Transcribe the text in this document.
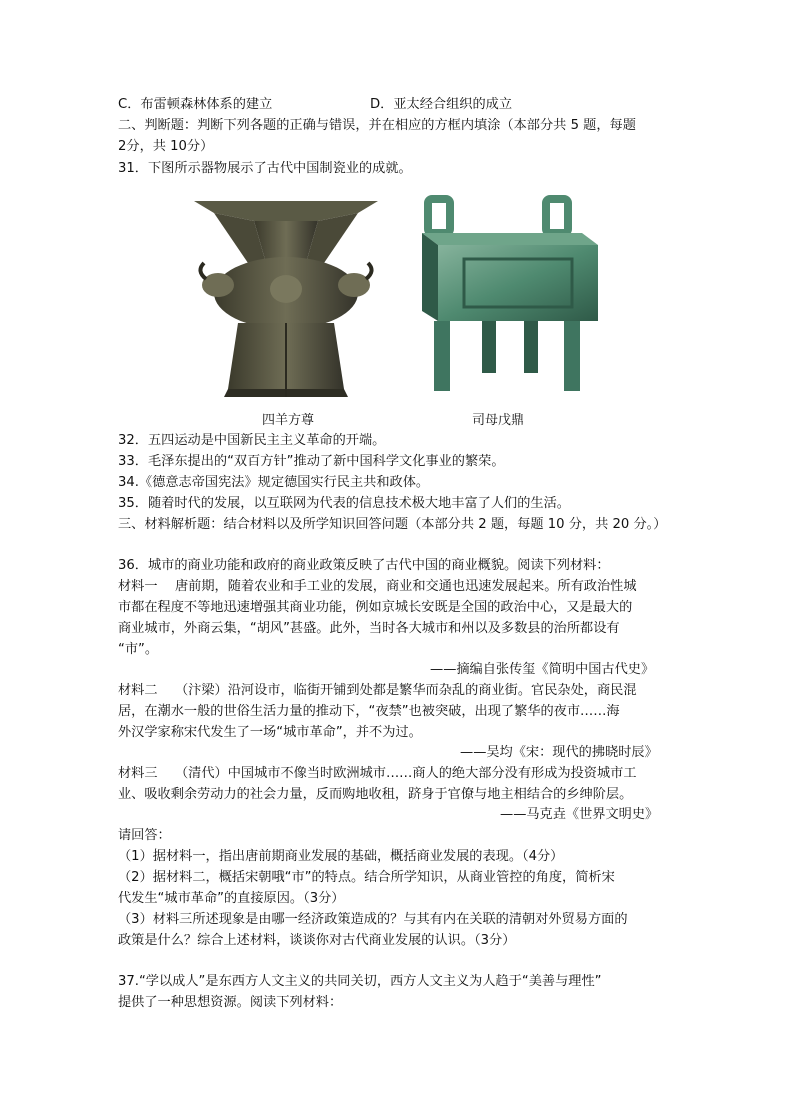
C．布雷顿森林体系的建立	D．亚太经合组织的成立
二、判断题：判断下列各题的正确与错误，并在相应的方框内填涂（本部分共 5 题，每题
2分，共 10分）
31．下图所示器物展示了古代中国制瓷业的成就。
四羊方尊	司母戊鼎
32．五四运动是中国新民主主义革命的开端。
33．毛泽东提出的“双百方针”推动了新中国科学文化事业的繁荣。
34.《德意志帝国宪法》规定德国实行民主共和政体。
35．随着时代的发展，以互联网为代表的信息技术极大地丰富了人们的生活。
三、材料解析题：结合材料以及所学知识回答问题（本部分共 2 题，每题 10 分，共 20 分。）
36．城市的商业功能和政府的商业政策反映了古代中国的商业概貌。阅读下列材料：
材料一　 唐前期，随着农业和手工业的发展，商业和交通也迅速发展起来。所有政治性城
市都在程度不等地迅速增强其商业功能，例如京城长安既是全国的政治中心，又是最大的
商业城市，外商云集，“胡风”甚盛。此外，当时各大城市和州以及多数县的治所都设有
“市”。
——摘编自张传玺《简明中国古代史》
材料二　 （汴梁）沿河设市，临街开铺到处都是繁华而杂乱的商业街。官民杂处，商民混
居，在潮水一般的世俗生活力量的推动下，“夜禁”也被突破，出现了繁华的夜市……海
外汉学家称宋代发生了一场“城市革命”，并不为过。
——吴均《宋：现代的拂晓时辰》
材料三　 （清代）中国城市不像当时欧洲城市……商人的绝大部分没有形成为投资城市工
业、吸收剩余劳动力的社会力量，反而购地收租，跻身于官僚与地主相结合的乡绅阶层。
——马克垚《世界文明史》
请回答：
（1）据材料一，指出唐前期商业发展的基础，概括商业发展的表现。（4分）
（2）据材料二，概括宋朝哦“市”的特点。结合所学知识，从商业管控的角度，简析宋
代发生“城市革命”的直接原因。（3分）
（3）材料三所述现象是由哪一经济政策造成的？与其有内在关联的清朝对外贸易方面的
政策是什么？综合上述材料，谈谈你对古代商业发展的认识。（3分）
37.“学以成人”是东西方人文主义的共同关切，西方人文主义为人趋于“美善与理性”
提供了一种思想资源。阅读下列材料：
